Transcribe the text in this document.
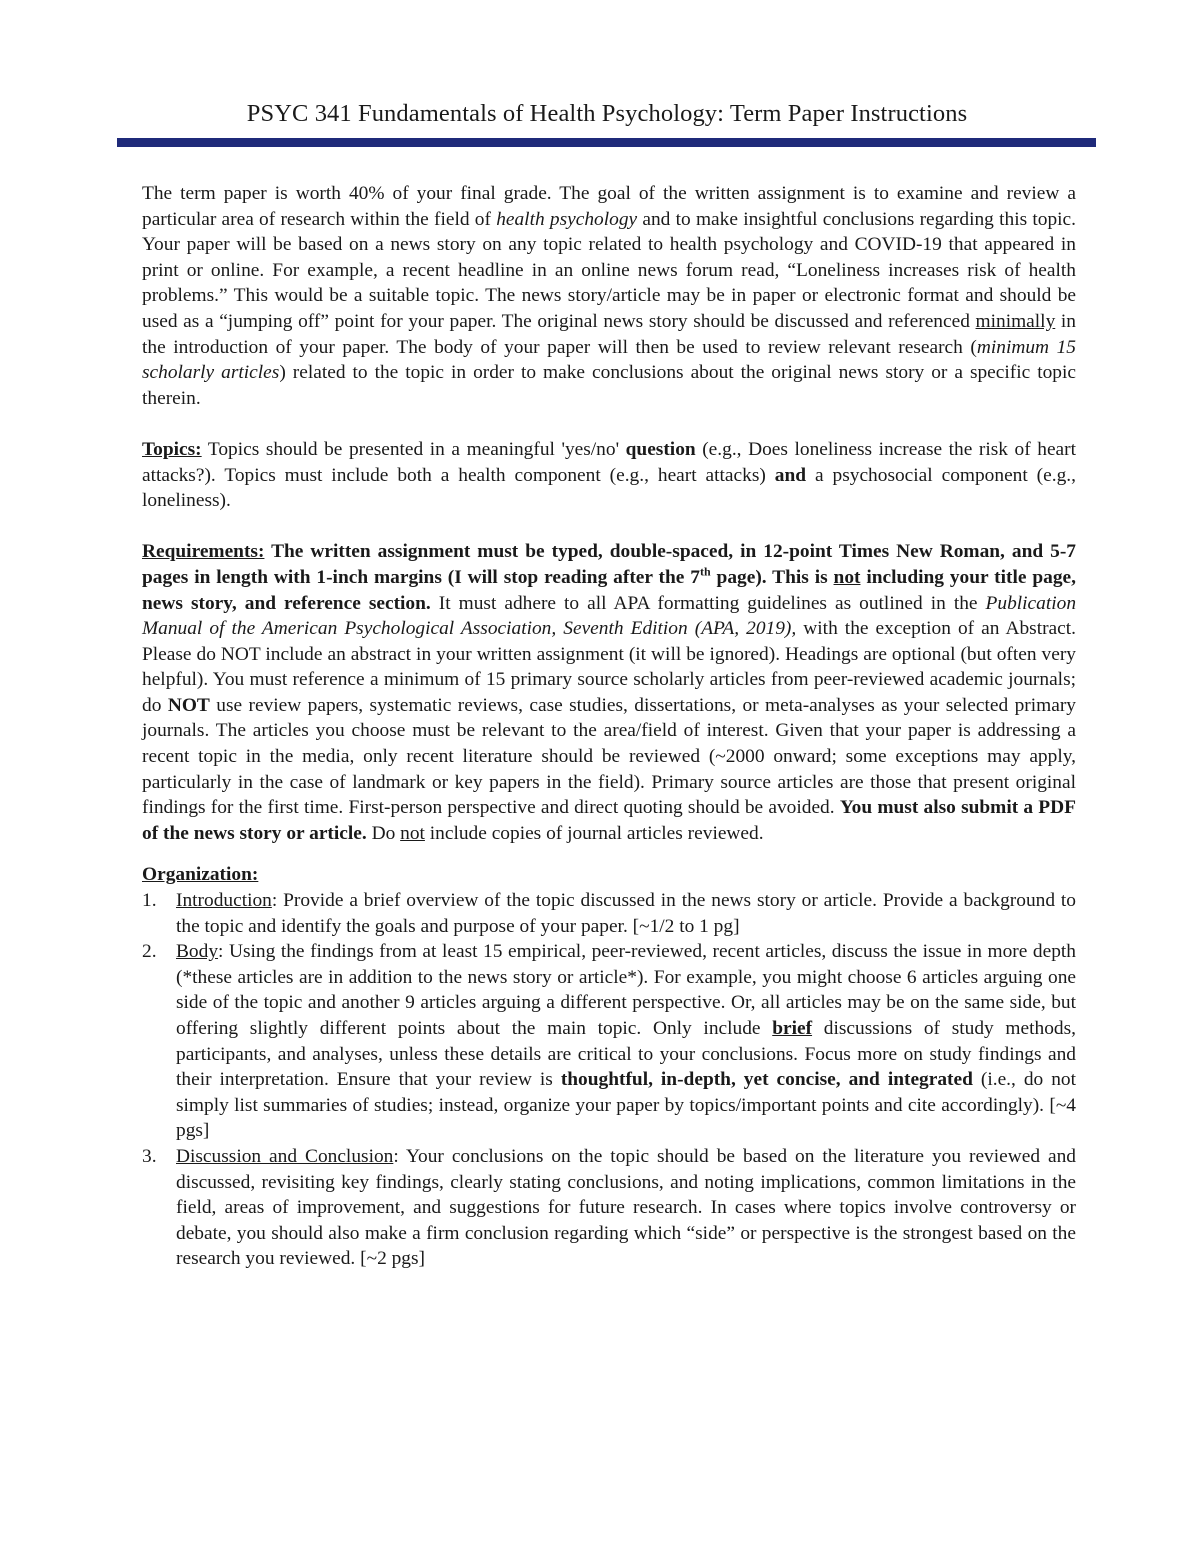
PSYC 341 Fundamentals of Health Psychology: Term Paper Instructions

The term paper is worth 40% of your final grade. The goal of the written assignment is to examine and review a particular area of research within the field of health psychology and to make insightful conclusions regarding this topic. Your paper will be based on a news story on any topic related to health psychology and COVID-19 that appeared in print or online. For example, a recent headline in an online news forum read, “Loneliness increases risk of health problems.” This would be a suitable topic. The news story/article may be in paper or electronic format and should be used as a “jumping off” point for your paper. The original news story should be discussed and referenced minimally in the introduction of your paper. The body of your paper will then be used to review relevant research (minimum 15 scholarly articles) related to the topic in order to make conclusions about the original news story or a specific topic therein.

Topics: Topics should be presented in a meaningful 'yes/no' question (e.g., Does loneliness increase the risk of heart attacks?). Topics must include both a health component (e.g., heart attacks) and a psychosocial component (e.g., loneliness).

Requirements: The written assignment must be typed, double-spaced, in 12-point Times New Roman, and 5-7 pages in length with 1-inch margins (I will stop reading after the 7th page). This is not including your title page, news story, and reference section. It must adhere to all APA formatting guidelines as outlined in the Publication Manual of the American Psychological Association, Seventh Edition (APA, 2019), with the exception of an Abstract. Please do NOT include an abstract in your written assignment (it will be ignored). Headings are optional (but often very helpful). You must reference a minimum of 15 primary source scholarly articles from peer-reviewed academic journals; do NOT use review papers, systematic reviews, case studies, dissertations, or meta-analyses as your selected primary journals. The articles you choose must be relevant to the area/field of interest. Given that your paper is addressing a recent topic in the media, only recent literature should be reviewed (~2000 onward; some exceptions may apply, particularly in the case of landmark or key papers in the field). Primary source articles are those that present original findings for the first time. First-person perspective and direct quoting should be avoided. You must also submit a PDF of the news story or article. Do not include copies of journal articles reviewed.

Organization:

1. Introduction: Provide a brief overview of the topic discussed in the news story or article. Provide a background to the topic and identify the goals and purpose of your paper. [~1/2 to 1 pg]
2. Body: Using the findings from at least 15 empirical, peer-reviewed, recent articles, discuss the issue in more depth (*these articles are in addition to the news story or article*). For example, you might choose 6 articles arguing one side of the topic and another 9 articles arguing a different perspective. Or, all articles may be on the same side, but offering slightly different points about the main topic. Only include brief discussions of study methods, participants, and analyses, unless these details are critical to your conclusions. Focus more on study findings and their interpretation. Ensure that your review is thoughtful, in-depth, yet concise, and integrated (i.e., do not simply list summaries of studies; instead, organize your paper by topics/important points and cite accordingly). [~4 pgs]
3. Discussion and Conclusion: Your conclusions on the topic should be based on the literature you reviewed and discussed, revisiting key findings, clearly stating conclusions, and noting implications, common limitations in the field, areas of improvement, and suggestions for future research. In cases where topics involve controversy or debate, you should also make a firm conclusion regarding which “side” or perspective is the strongest based on the research you reviewed. [~2 pgs]
